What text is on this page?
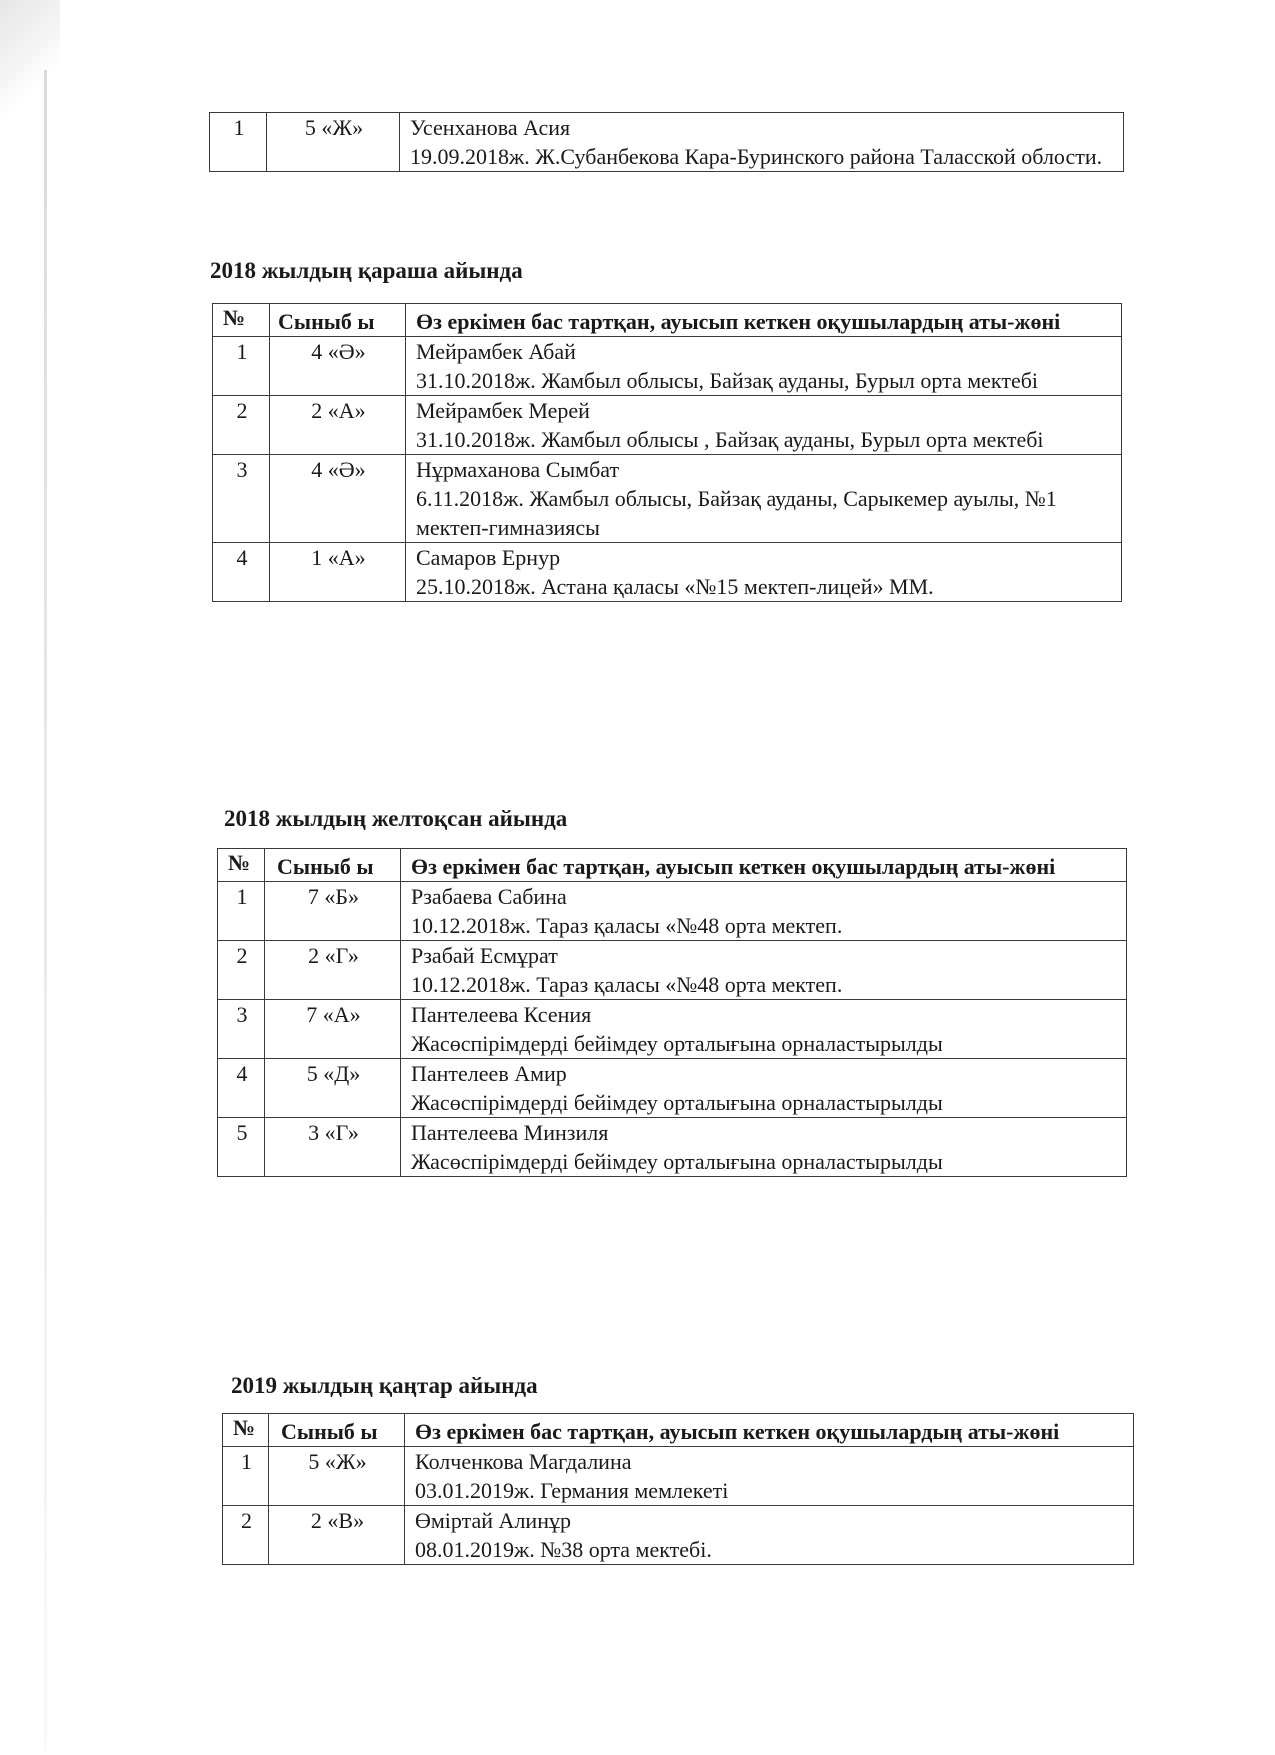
1	5 «Ж»	Усенханова Асия
19.09.2018ж. Ж.Субанбекова Кара-Буринского района Таласской облости.
2018 жылдың қараша айында
№	Сыныб ы	Өз еркімен бас тартқан, ауысып кеткен оқушылардың аты-жөні
1	4 «Ә»	Мейрамбек Абай
31.10.2018ж. Жамбыл облысы, Байзақ ауданы, Бурыл орта мектебі

2	2 «А»	Мейрамбек Мерей
31.10.2018ж. Жамбыл облысы , Байзақ ауданы, Бурыл орта мектебі

3	4 «Ә»	Нұрмаханова Сымбат
6.11.2018ж. Жамбыл облысы, Байзақ ауданы, Сарыкемер ауылы, №1 мектеп-гимназиясы

4	1 «А»	Самаров Ернур
25.10.2018ж. Астана қаласы «№15 мектеп-лицей» ММ.
2018 жылдың желтоқсан айында
№	Сыныб ы	Өз еркімен бас тартқан, ауысып кеткен оқушылардың аты-жөні
1	7 «Б»	Рзабаева Сабина
10.12.2018ж. Тараз қаласы «№48 орта мектеп.

2	2 «Г»	Рзабай Есмұрат
10.12.2018ж. Тараз қаласы «№48 орта мектеп.

3	7 «А»	Пантелеева Ксения
Жасөспірімдерді бейімдеу орталығына орналастырылды

4	5 «Д»	Пантелеев Амир
Жасөспірімдерді бейімдеу орталығына орналастырылды

5	3 «Г»	Пантелеева Минзиля
Жасөспірімдерді бейімдеу орталығына орналастырылды
2019 жылдың қаңтар айында
№	Сыныб ы	Өз еркімен бас тартқан, ауысып кеткен оқушылардың аты-жөні
1	5 «Ж»	Колченкова Магдалина
03.01.2019ж. Германия мемлекеті

2	2 «В»	Өміртай Алинұр
08.01.2019ж. №38 орта мектебі.
